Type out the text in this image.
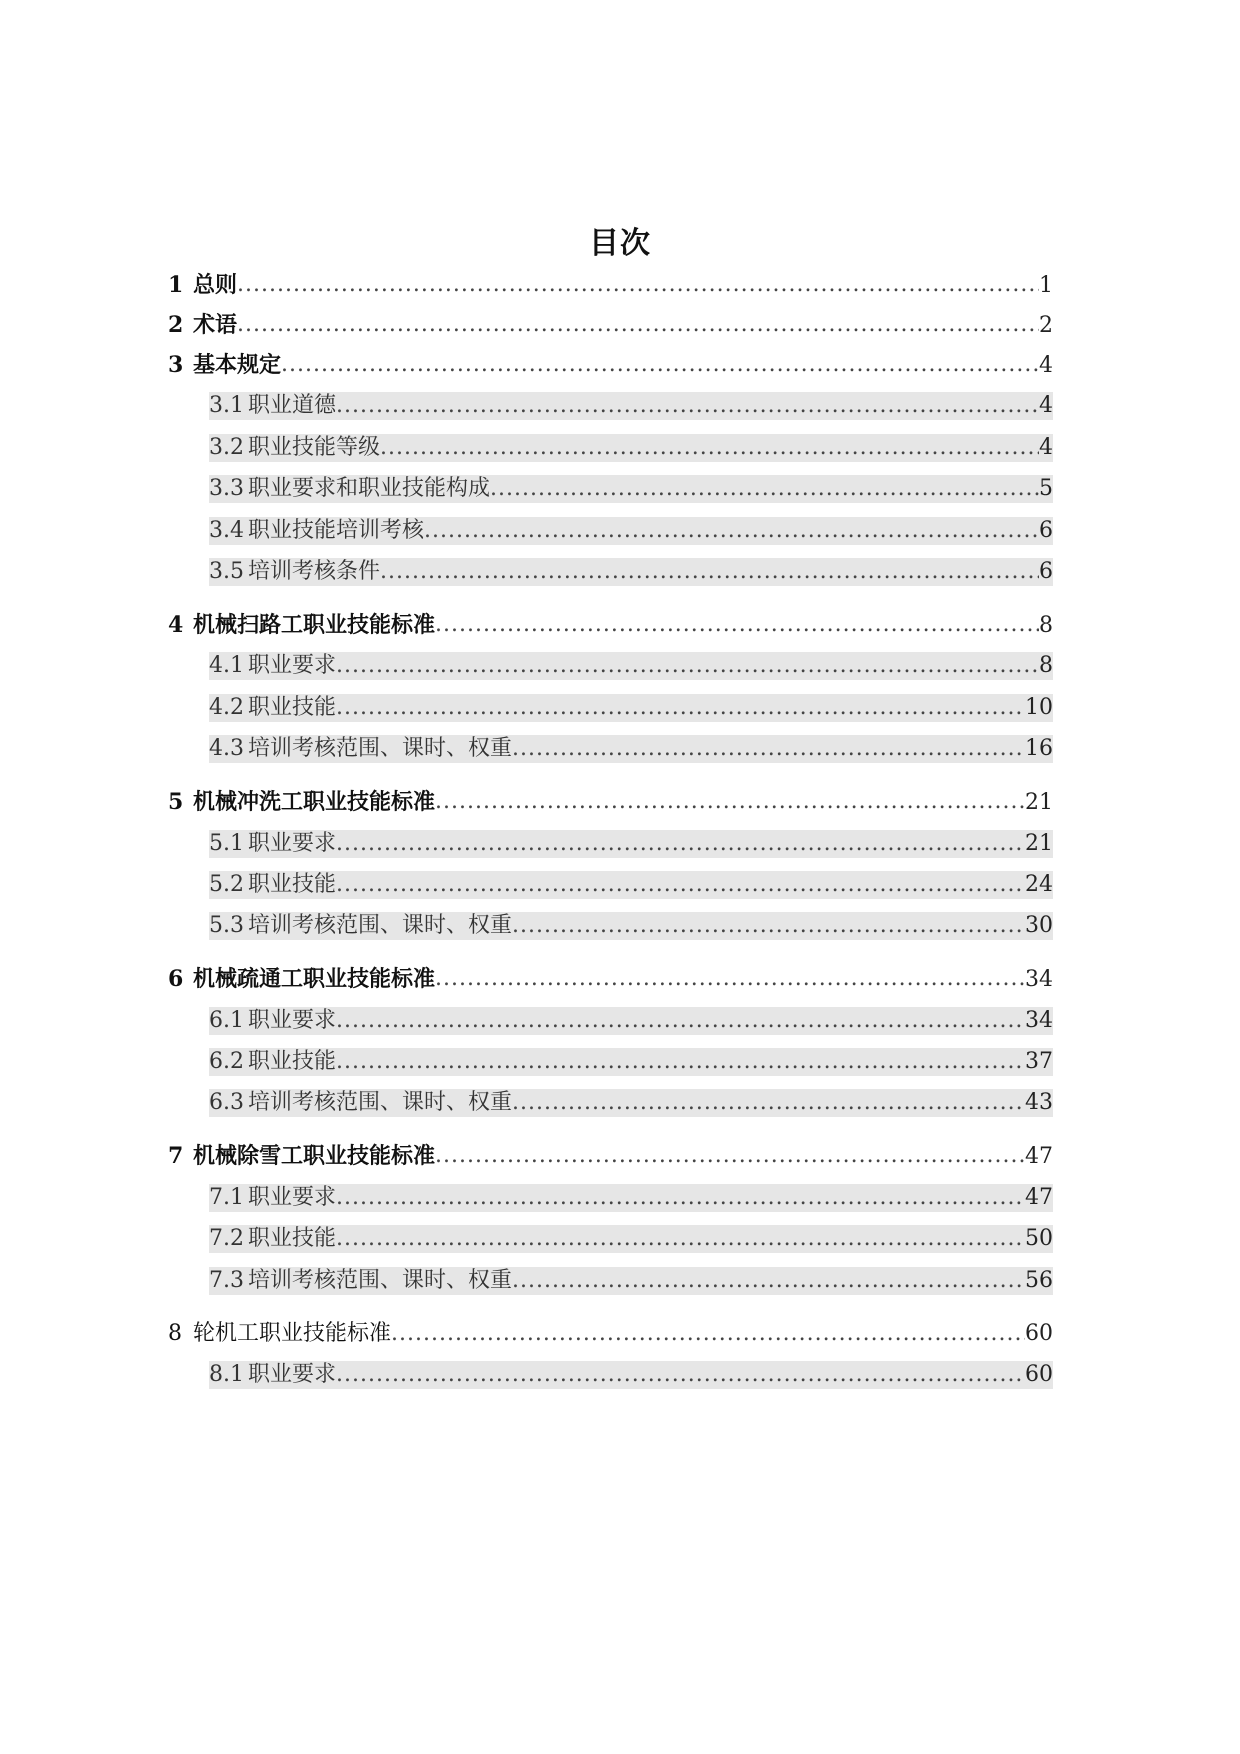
目次
1 总则 .....	1
2 术语 .....	2
3 基本规定 .....	4
3.1 职业道德 .....	4
3.2 职业技能等级 .....	4
3.3 职业要求和职业技能构成 .....	5
3.4 职业技能培训考核 .....	6
3.5 培训考核条件 .....	6
4 机械扫路工职业技能标准 .....	8
4.1 职业要求 .....	8
4.2 职业技能 .....	10
4.3 培训考核范围、课时、权重 .....	16
5 机械冲洗工职业技能标准 .....	21
5.1 职业要求 .....	21
5.2 职业技能 .....	24
5.3 培训考核范围、课时、权重 .....	30
6 机械疏通工职业技能标准 .....	34
6.1 职业要求 .....	34
6.2 职业技能 .....	37
6.3 培训考核范围、课时、权重 .....	43
7 机械除雪工职业技能标准 .....	47
7.1 职业要求 .....	47
7.2 职业技能 .....	50
7.3 培训考核范围、课时、权重 .....	56
8 轮机工职业技能标准 .....	60
8.1 职业要求 .....	60
